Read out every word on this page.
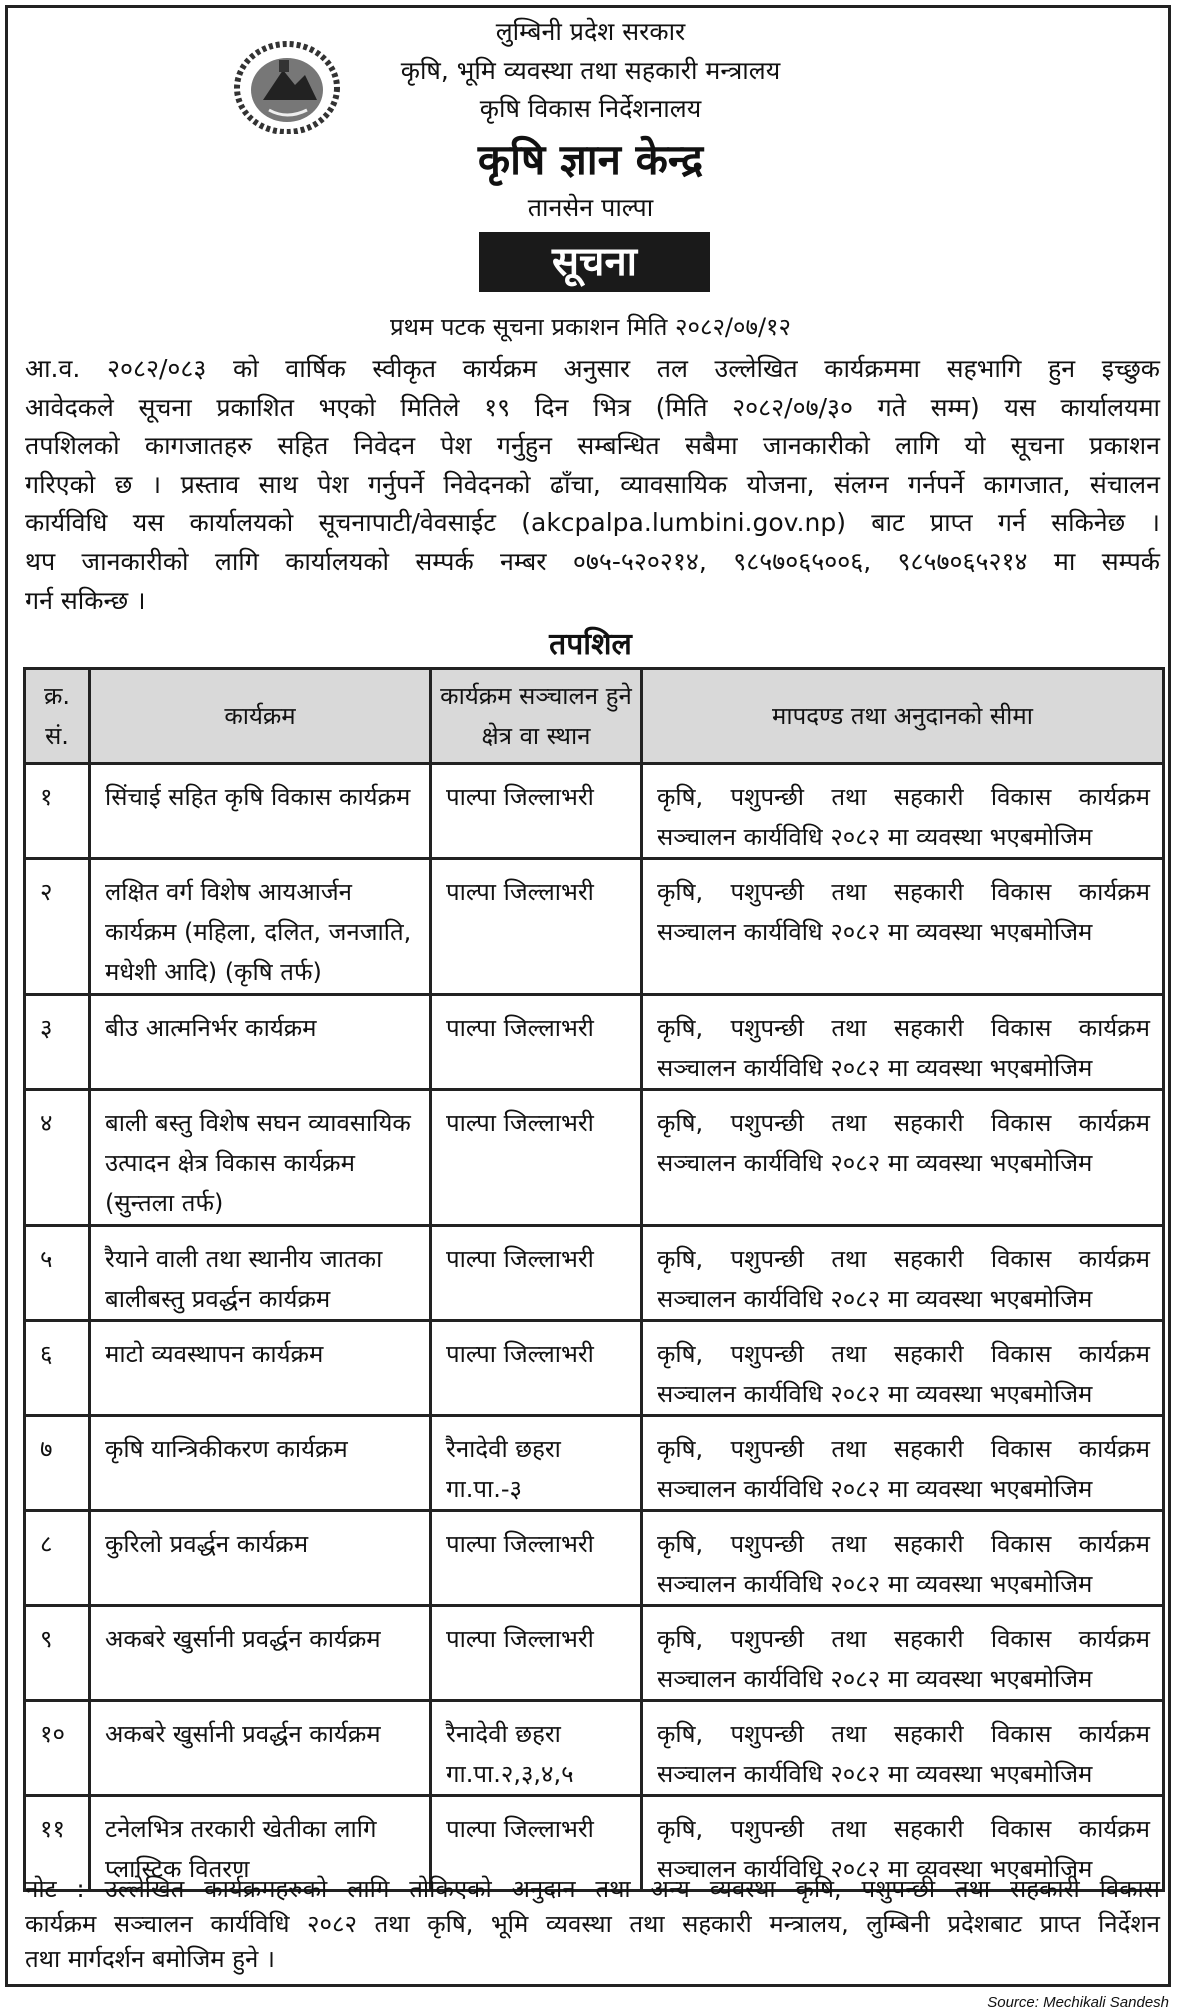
लुम्बिनी प्रदेश सरकार
कृषि, भूमि व्यवस्था तथा सहकारी मन्त्रालय
कृषि विकास निर्देशनालय
कृषि ज्ञान केन्द्र
तानसेन पाल्पा
सूचना
प्रथम पटक सूचना प्रकाशन मिति २०८२/०७/१२
आ.व. २०८२/०८३ को वार्षिक स्वीकृत कार्यक्रम अनुसार तल उल्लेखित कार्यक्रममा सहभागि हुन इच्छुक
आवेदकले सूचना प्रकाशित भएको मितिले १९ दिन भित्र (मिति २०८२/०७/३० गते सम्म) यस कार्यालयमा
तपशिलको कागजातहरु सहित निवेदन पेश गर्नुहुन सम्बन्धित सबैमा जानकारीको लागि यो सूचना प्रकाशन
गरिएको छ । प्रस्ताव साथ पेश गर्नुपर्ने निवेदनको ढाँचा, व्यावसायिक योजना, संलग्न गर्नपर्ने कागजात, संचालन
कार्यविधि यस कार्यालयको सूचनापाटी/वेवसाईट (akcpalpa.lumbini.gov.np) बाट प्राप्त गर्न सकिनेछ ।
थप जानकारीको लागि कार्यालयको सम्पर्क नम्बर ०७५-५२०२१४, ९८५७०६५००६, ९८५७०६५२१४ मा सम्पर्क
गर्न सकिन्छ ।
तपशिल
क्र. सं.	कार्यक्रम	कार्यक्रम सञ्चालन हुने क्षेत्र वा स्थान	मापदण्ड तथा अनुदानको सीमा
१	सिंचाई सहित कृषि विकास कार्यक्रम	पाल्पा जिल्लाभरी	कृषि, पशुपन्छी तथा सहकारी विकास कार्यक्रम
सञ्चालन कार्यविधि २०८२ मा व्यवस्था भएबमोजिम

२	लक्षित वर्ग विशेष आयआर्जन कार्यक्रम (महिला, दलित, जनजाति, मधेशी आदि) (कृषि तर्फ)	पाल्पा जिल्लाभरी	कृषि, पशुपन्छी तथा सहकारी विकास कार्यक्रम
सञ्चालन कार्यविधि २०८२ मा व्यवस्था भएबमोजिम

३	बीउ आत्मनिर्भर कार्यक्रम	पाल्पा जिल्लाभरी	कृषि, पशुपन्छी तथा सहकारी विकास कार्यक्रम
सञ्चालन कार्यविधि २०८२ मा व्यवस्था भएबमोजिम

४	बाली बस्तु विशेष सघन व्यावसायिक उत्पादन क्षेत्र विकास कार्यक्रम (सुन्तला तर्फ)	पाल्पा जिल्लाभरी	कृषि, पशुपन्छी तथा सहकारी विकास कार्यक्रम
सञ्चालन कार्यविधि २०८२ मा व्यवस्था भएबमोजिम

५	रैयाने वाली तथा स्थानीय जातका बालीबस्तु प्रवर्द्धन कार्यक्रम	पाल्पा जिल्लाभरी	कृषि, पशुपन्छी तथा सहकारी विकास कार्यक्रम
सञ्चालन कार्यविधि २०८२ मा व्यवस्था भएबमोजिम

६	माटो व्यवस्थापन कार्यक्रम	पाल्पा जिल्लाभरी	कृषि, पशुपन्छी तथा सहकारी विकास कार्यक्रम
सञ्चालन कार्यविधि २०८२ मा व्यवस्था भएबमोजिम

७	कृषि यान्त्रिकीकरण कार्यक्रम	रैनादेवी छहरा गा.पा.-३	कृषि, पशुपन्छी तथा सहकारी विकास कार्यक्रम
सञ्चालन कार्यविधि २०८२ मा व्यवस्था भएबमोजिम

८	कुरिलो प्रवर्द्धन कार्यक्रम	पाल्पा जिल्लाभरी	कृषि, पशुपन्छी तथा सहकारी विकास कार्यक्रम
सञ्चालन कार्यविधि २०८२ मा व्यवस्था भएबमोजिम

९	अकबरे खुर्सानी प्रवर्द्धन कार्यक्रम	पाल्पा जिल्लाभरी	कृषि, पशुपन्छी तथा सहकारी विकास कार्यक्रम
सञ्चालन कार्यविधि २०८२ मा व्यवस्था भएबमोजिम

१०	अकबरे खुर्सानी प्रवर्द्धन कार्यक्रम	रैनादेवी छहरा गा.पा.२,३,४,५	कृषि, पशुपन्छी तथा सहकारी विकास कार्यक्रम
सञ्चालन कार्यविधि २०८२ मा व्यवस्था भएबमोजिम

११	टनेलभित्र तरकारी खेतीका लागि प्लास्टिक वितरण	पाल्पा जिल्लाभरी	कृषि, पशुपन्छी तथा सहकारी विकास कार्यक्रम
सञ्चालन कार्यविधि २०८२ मा व्यवस्था भएबमोजिम
नोट : उल्लेखित कार्यक्रमहरुको लागि तोकिएको अनुदान तथा अन्य व्यवस्था कृषि, पशुपन्छी तथा सहकारी विकास
कार्यक्रम सञ्चालन कार्यविधि २०८२ तथा कृषि, भूमि व्यवस्था तथा सहकारी मन्त्रालय, लुम्बिनी प्रदेशबाट प्राप्त निर्देशन
तथा मार्गदर्शन बमोजिम हुने ।
Source: Mechikali Sandesh
